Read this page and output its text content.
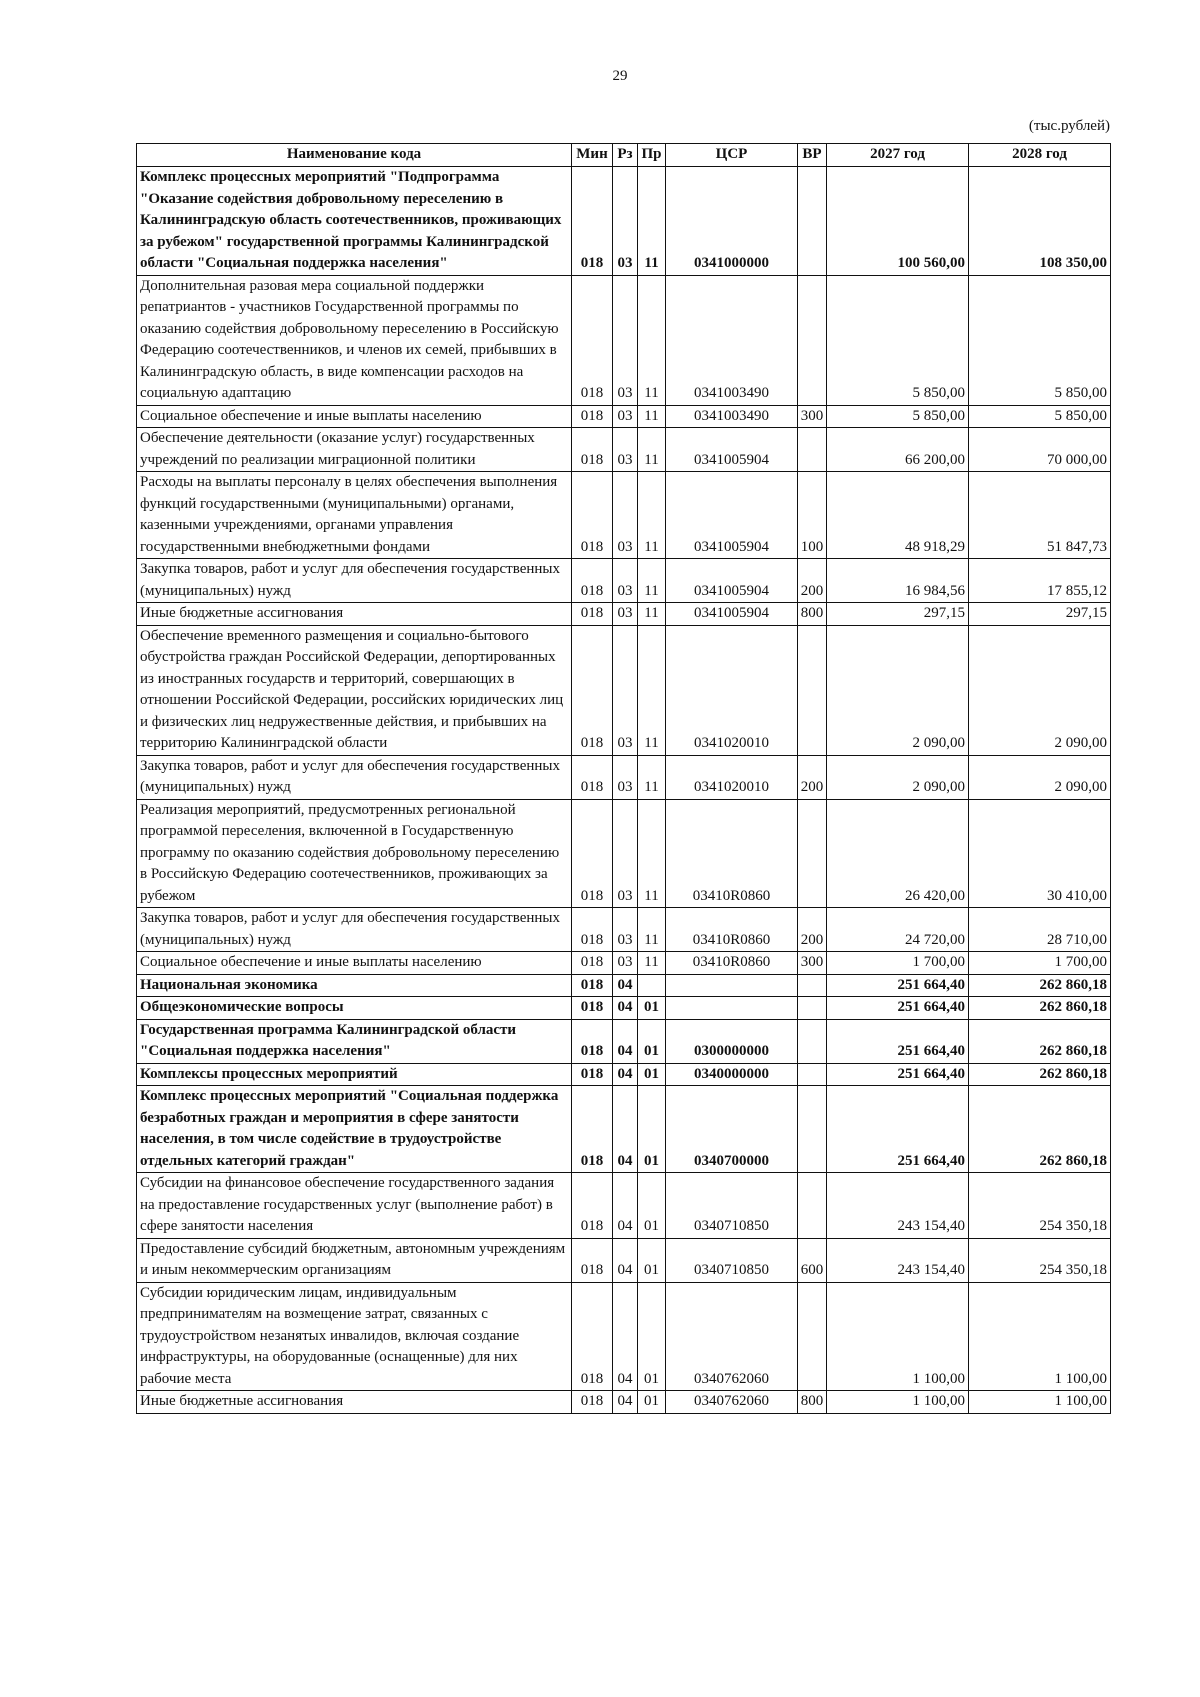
29
(тыс.рублей)
Наименование кода	Мин	Рз	Пр	ЦСР	ВР	2027 год	2028 год
Комплекс процессных мероприятий "Подпрограмма "Оказание содействия добровольному переселению в Калининградскую область соотечественников, проживающих за рубежом" государственной программы Калининградской области "Социальная поддержка населения"	018	03	11	0341000000		100 560,00	108 350,00
Дополнительная разовая мера социальной поддержки репатриантов - участников Государственной программы по оказанию содействия добровольному переселению в Российскую Федерацию соотечественников, и членов их семей, прибывших в Калининградскую область, в виде компенсации расходов на социальную адаптацию	018	03	11	0341003490		5 850,00	5 850,00
Социальное обеспечение и иные выплаты населению	018	03	11	0341003490	300	5 850,00	5 850,00
Обеспечение деятельности (оказание услуг) государственных учреждений по реализации миграционной политики	018	03	11	0341005904		66 200,00	70 000,00
Расходы на выплаты персоналу в целях обеспечения выполнения функций государственными (муниципальными) органами, казенными учреждениями, органами управления государственными внебюджетными фондами	018	03	11	0341005904	100	48 918,29	51 847,73
Закупка товаров, работ и услуг для обеспечения государственных (муниципальных) нужд	018	03	11	0341005904	200	16 984,56	17 855,12
Иные бюджетные ассигнования	018	03	11	0341005904	800	297,15	297,15
Обеспечение временного размещения и социально-бытового обустройства граждан Российской Федерации, депортированных из иностранных государств и территорий, совершающих в отношении Российской Федерации, российских юридических лиц и физических лиц недружественные действия, и прибывших на территорию Калининградской области	018	03	11	0341020010		2 090,00	2 090,00
Закупка товаров, работ и услуг для обеспечения государственных (муниципальных) нужд	018	03	11	0341020010	200	2 090,00	2 090,00
Реализация мероприятий, предусмотренных региональной программой переселения, включенной в Государственную программу по оказанию содействия добровольному переселению в Российскую Федерацию соотечественников, проживающих за рубежом	018	03	11	03410R0860		26 420,00	30 410,00
Закупка товаров, работ и услуг для обеспечения государственных (муниципальных) нужд	018	03	11	03410R0860	200	24 720,00	28 710,00
Социальное обеспечение и иные выплаты населению	018	03	11	03410R0860	300	1 700,00	1 700,00
Национальная экономика	018	04				251 664,40	262 860,18
Общеэкономические вопросы	018	04	01			251 664,40	262 860,18
Государственная программа Калининградской области "Социальная поддержка населения"	018	04	01	0300000000		251 664,40	262 860,18
Комплексы процессных мероприятий	018	04	01	0340000000		251 664,40	262 860,18
Комплекс процессных мероприятий "Социальная поддержка безработных граждан и мероприятия в сфере занятости населения, в том числе содействие в трудоустройстве отдельных категорий граждан"	018	04	01	0340700000		251 664,40	262 860,18
Субсидии на финансовое обеспечение государственного задания на предоставление государственных услуг (выполнение работ) в сфере занятости населения	018	04	01	0340710850		243 154,40	254 350,18
Предоставление субсидий бюджетным, автономным учреждениям и иным некоммерческим организациям	018	04	01	0340710850	600	243 154,40	254 350,18
Субсидии юридическим лицам, индивидуальным предпринимателям на возмещение затрат, связанных с трудоустройством незанятых инвалидов, включая создание инфраструктуры, на оборудованные (оснащенные) для них рабочие места	018	04	01	0340762060		1 100,00	1 100,00
Иные бюджетные ассигнования	018	04	01	0340762060	800	1 100,00	1 100,00
